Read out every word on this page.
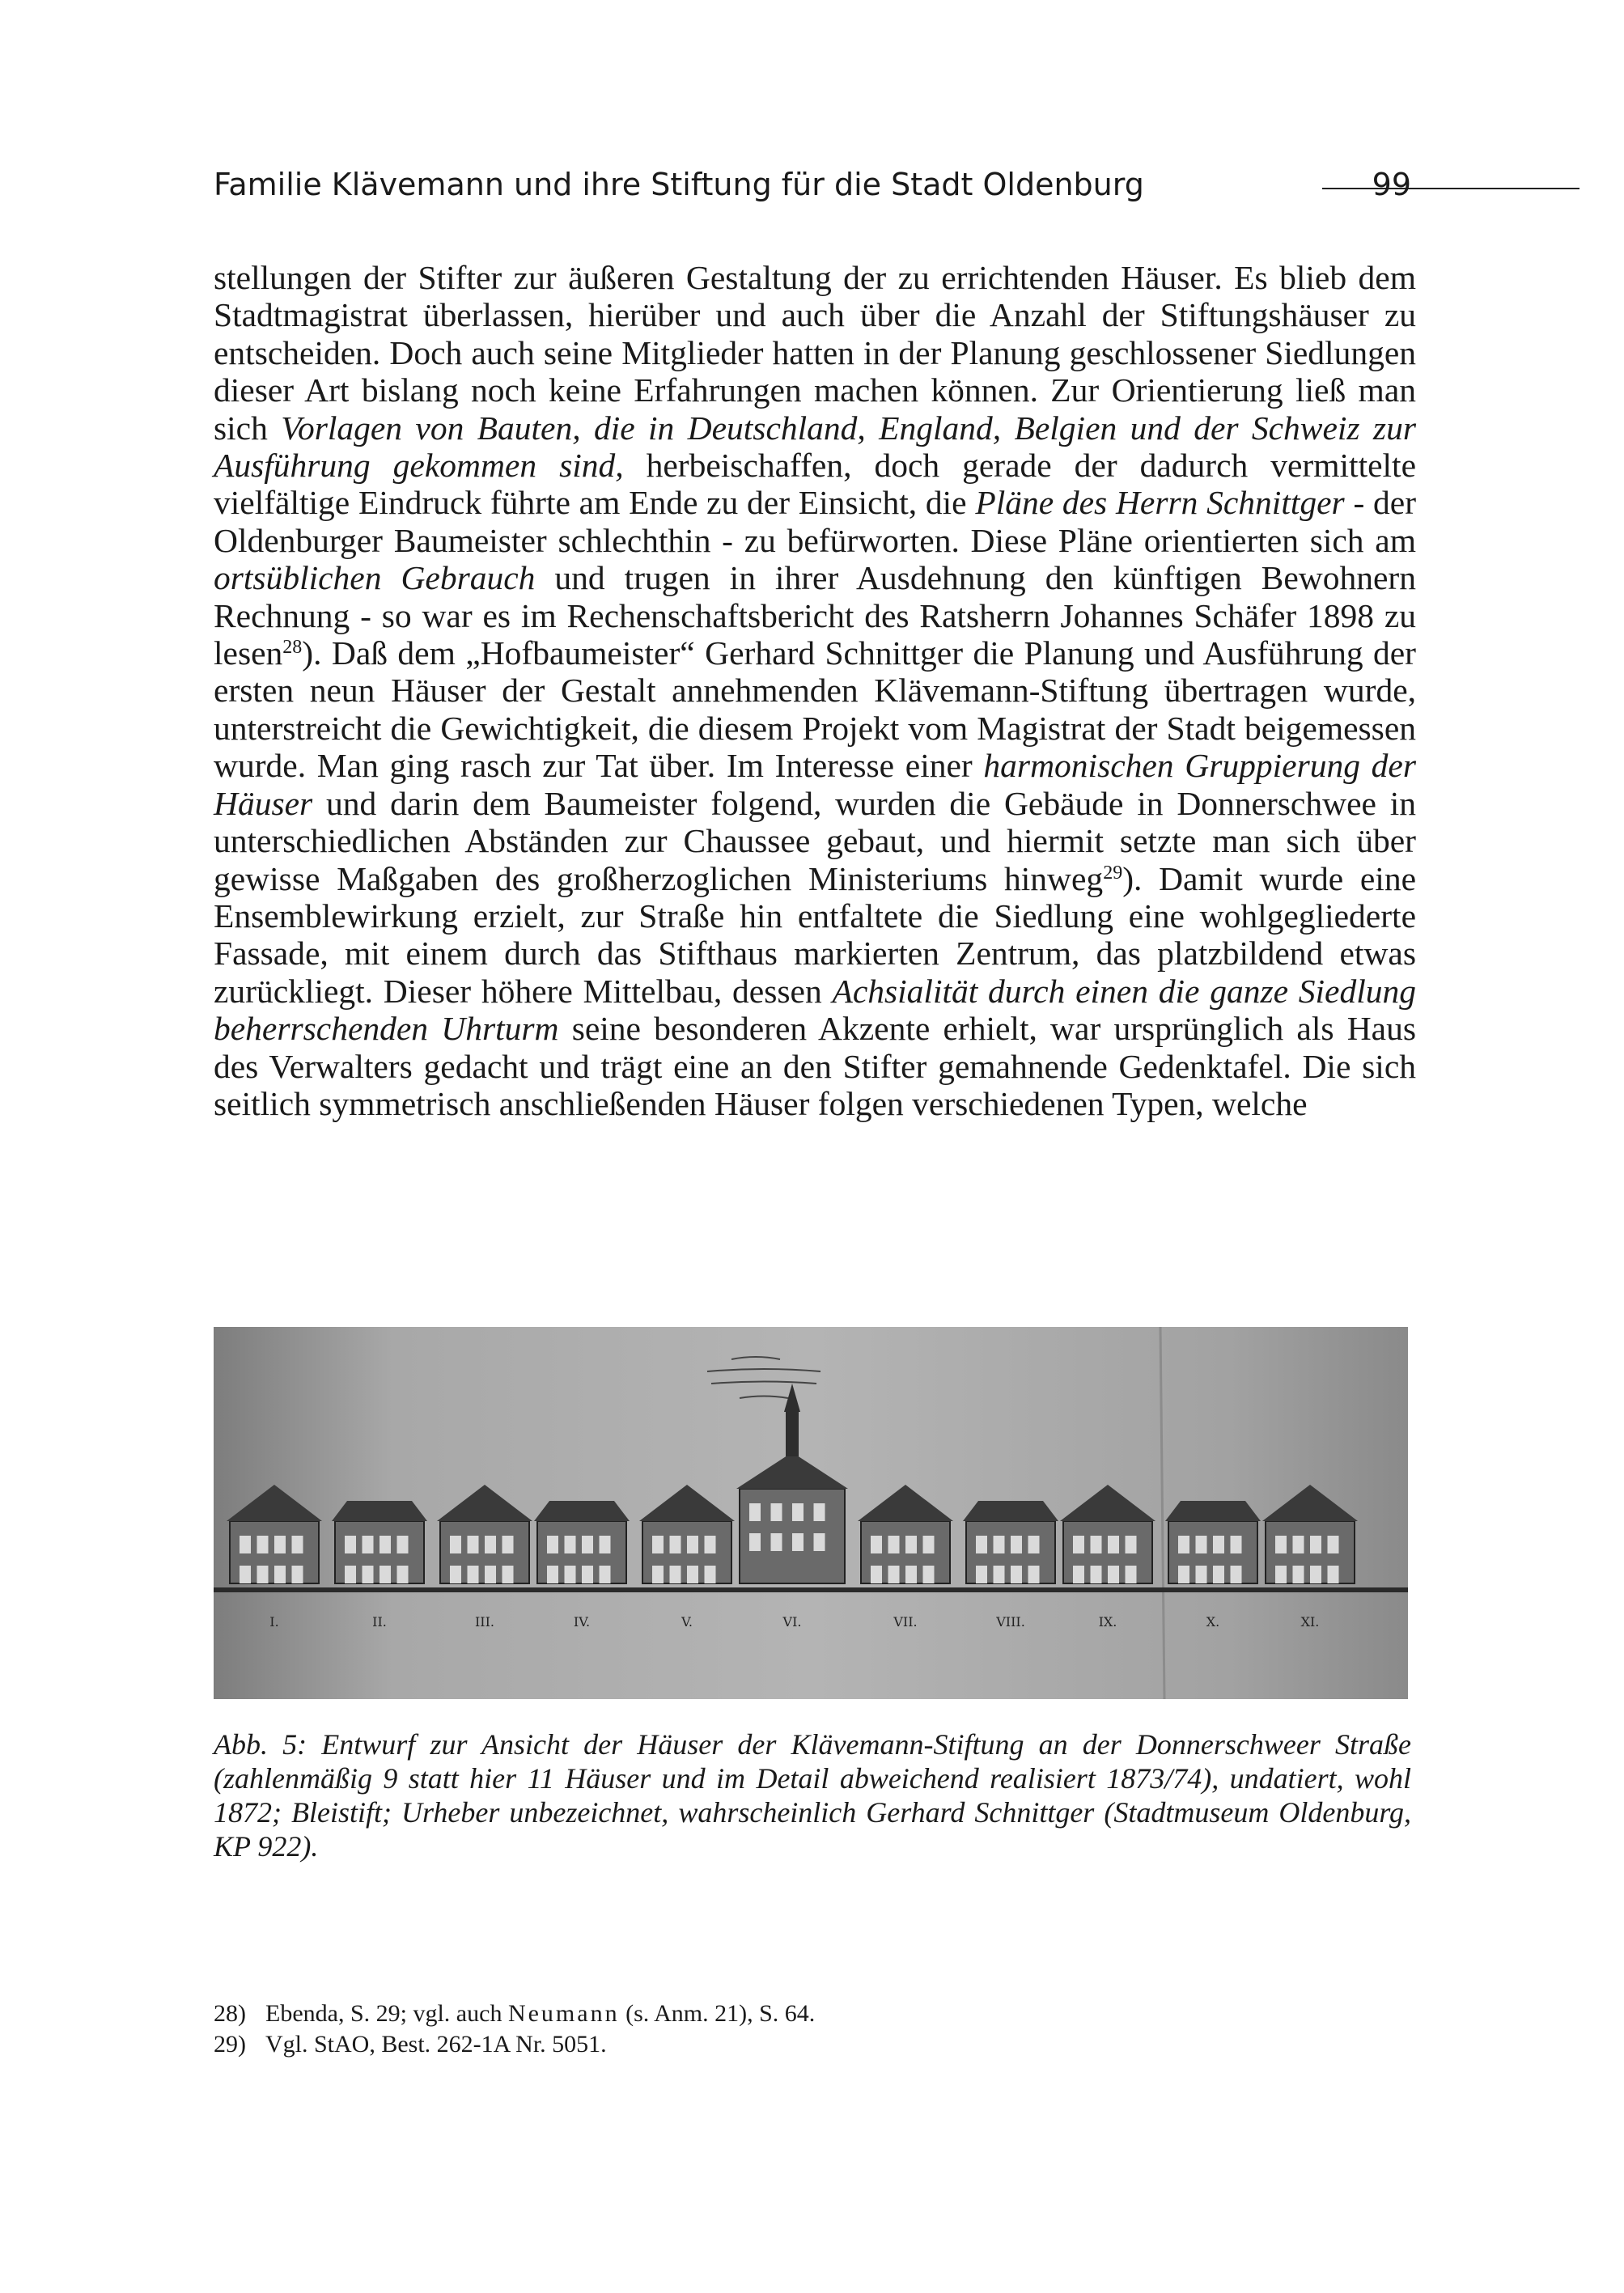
Familie Klävemann und ihre Stiftung für die Stadt Oldenburg	99

stellungen der Stifter zur äußeren Gestaltung der zu errichtenden Häuser. Es blieb dem Stadtmagistrat überlassen, hierüber und auch über die Anzahl der Stiftungshäuser zu entscheiden. Doch auch seine Mitglieder hatten in der Planung geschlossener Siedlungen dieser Art bislang noch keine Erfahrungen machen können. Zur Orientierung ließ man sich Vorlagen von Bauten, die in Deutschland, England, Belgien und der Schweiz zur Ausführung gekommen sind, herbeischaffen, doch gerade der dadurch vermittelte vielfältige Eindruck führte am Ende zu der Einsicht, die Pläne des Herrn Schnittger - der Oldenburger Baumeister schlechthin - zu befürworten. Diese Pläne orientierten sich am ortsüblichen Gebrauch und trugen in ihrer Ausdehnung den künftigen Bewohnern Rechnung - so war es im Rechenschaftsbericht des Ratsherrn Johannes Schäfer 1898 zu lesen$^{28}$). Daß dem „Hofbaumeister“ Gerhard Schnittger die Planung und Ausführung der ersten neun Häuser der Gestalt annehmenden Klävemann-Stiftung übertragen wurde, unterstreicht die Gewichtigkeit, die diesem Projekt vom Magistrat der Stadt beigemessen wurde. Man ging rasch zur Tat über. Im Interesse einer harmonischen Gruppierung der Häuser und darin dem Baumeister folgend, wurden die Gebäude in Donnerschwee in unterschiedlichen Abständen zur Chaussee gebaut, und hiermit setzte man sich über gewisse Maßgaben des großherzoglichen Ministeriums hinweg$^{29}$). Damit wurde eine Ensemblewirkung erzielt, zur Straße hin entfaltete die Siedlung eine wohlgegliederte Fassade, mit einem durch das Stifthaus markierten Zentrum, das platzbildend etwas zurückliegt. Dieser höhere Mittelbau, dessen Achsialität durch einen die ganze Siedlung beherrschenden Uhrturm seine besonderen Akzente erhielt, war ursprünglich als Haus des Verwalters gedacht und trägt eine an den Stifter gemahnende Gedenktafel. Die sich seitlich symmetrisch anschließenden Häuser folgen verschiedenen Typen, welche

I.	II.	III.	IV.	V.	VI.	VII.	VIII.	IX.	X.	XI.
Abb. 5: Entwurf zur Ansicht der Häuser der Klävemann-Stiftung an der Donnerschweer Straße (zahlenmäßig 9 statt hier 11 Häuser und im Detail abweichend realisiert 1873/74), undatiert, wohl 1872; Bleistift; Urheber unbezeichnet, wahrscheinlich Gerhard Schnittger (Stadtmuseum Oldenburg, KP 922).
28) Ebenda, S. 29; vgl. auch Neumann (s. Anm. 21), S. 64.
29) Vgl. StAO, Best. 262-1A Nr. 5051.
